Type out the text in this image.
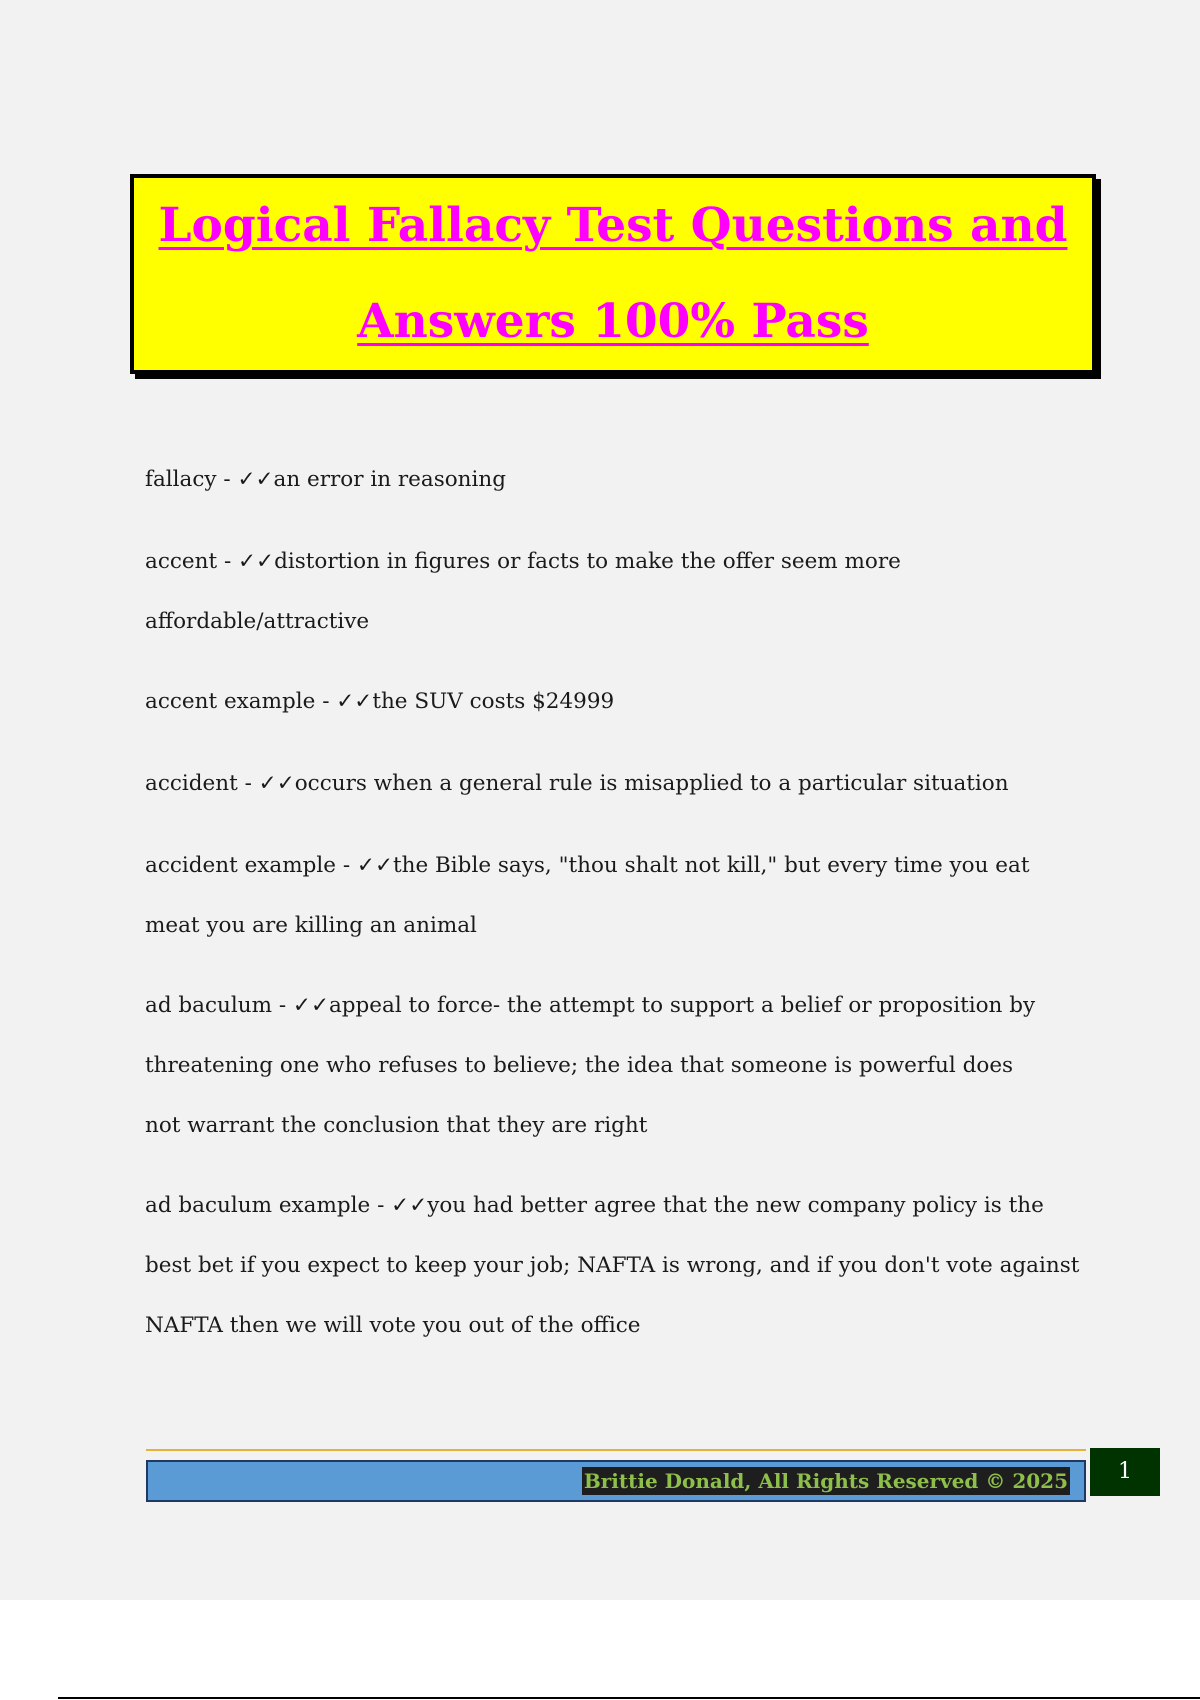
Logical Fallacy Test Questions and
Answers 100% Pass
fallacy - ✓✓an error in reasoning
accent - ✓✓distortion in figures or facts to make the offer seem more affordable/attractive
accent example - ✓✓the SUV costs $24999
accident - ✓✓occurs when a general rule is misapplied to a particular situation
accident example - ✓✓the Bible says, "thou shalt not kill," but every time you eat meat you are killing an animal
ad baculum - ✓✓appeal to force- the attempt to support a belief or proposition by threatening one who refuses to believe; the idea that someone is powerful does not warrant the conclusion that they are right
ad baculum example - ✓✓you had better agree that the new company policy is the best bet if you expect to keep your job; NAFTA is wrong, and if you don't vote against NAFTA then we will vote you out of the office
Brittie Donald, All Rights Reserved © 2025	1
